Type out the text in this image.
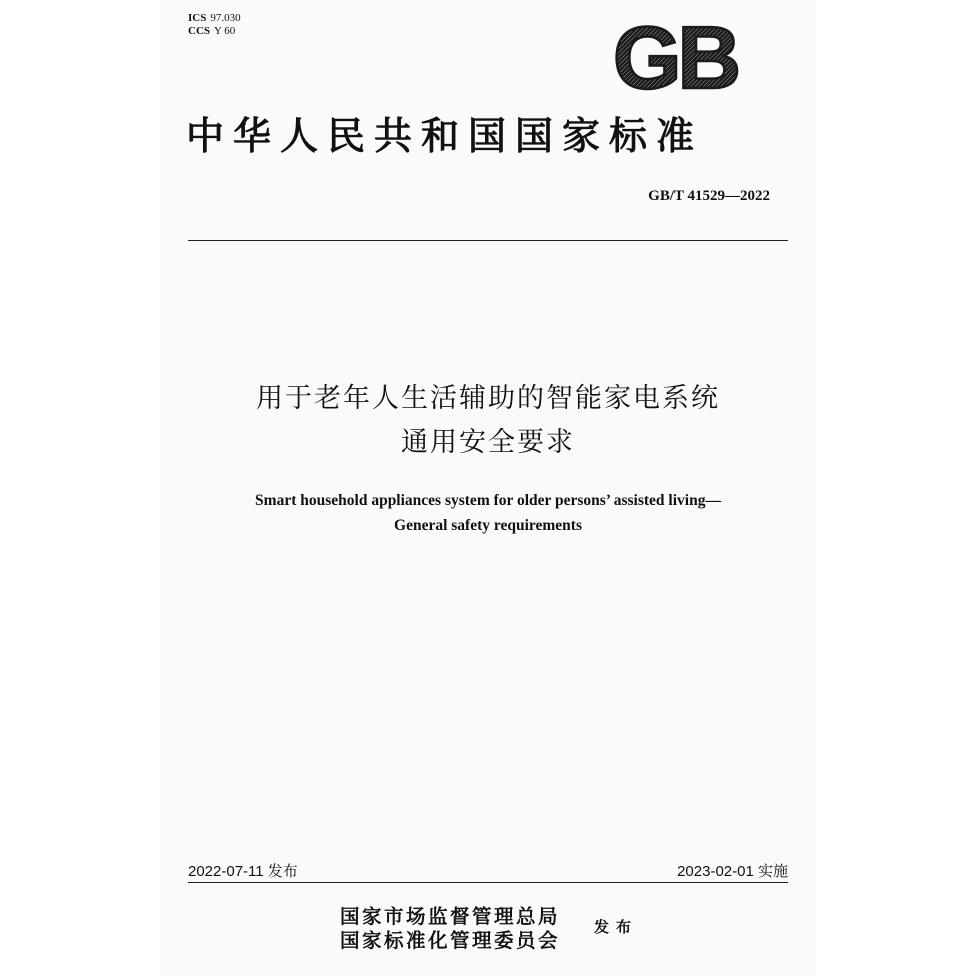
ICS 97.030
CCS Y 60	GB
中华人民共和国国家标准
GB/T 41529—2022
用于老年人生活辅助的智能家电系统
通用安全要求
Smart household appliances system for older persons’ assisted living—
General safety requirements
2022-07-11 发布	2023-02-01 实施
国家市场监督管理总局
国家标准化管理委员会
发布
